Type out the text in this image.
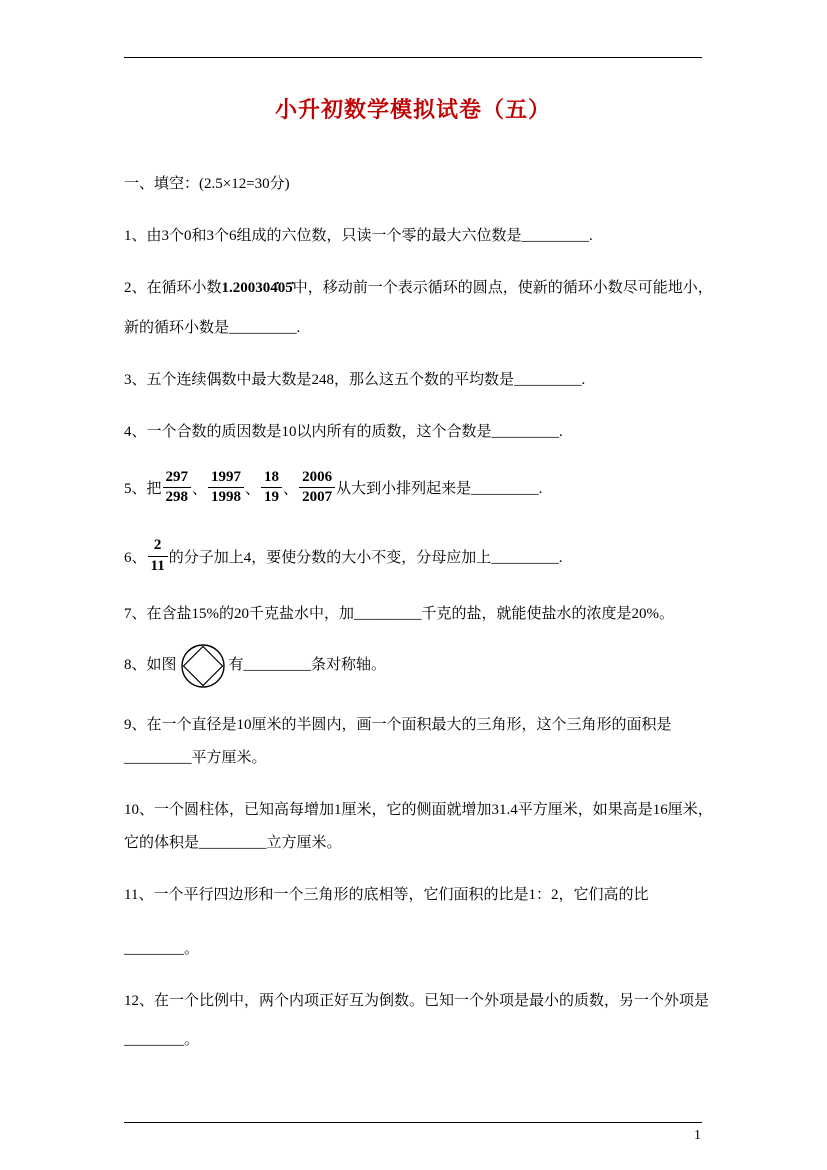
小升初数学模拟试卷（五）
一、填空：(2.5×12=30分)
1、由3个0和3个6组成的六位数，只读一个零的最大六位数是_________.
2、在循环小数1.200304̇05̇中，移动前一个表示循环的圆点，使新的循环小数尽可能地小，
新的循环小数是_________.
3、五个连续偶数中最大数是248，那么这五个数的平均数是_________.
4、一个合数的质因数是10以内所有的质数，这个合数是_________.
5、把 $\frac{297}{298}$ 、 $\frac{1997}{1998}$ 、 $\frac{18}{19}$ 、 $\frac{2006}{2007}$ 从大到小排列起来是_________.
6、 $\frac{2}{11}$ 的分子加上4，要使分数的大小不变，分母应加上_________.
7、在含盐15%的20千克盐水中，加_________千克的盐，就能使盐水的浓度是20%。
8、如图	有_________条对称轴。
9、在一个直径是10厘米的半圆内，画一个面积最大的三角形，这个三角形的面积是
_________平方厘米。
10、一个圆柱体，已知高每增加1厘米，它的侧面就增加31.4平方厘米，如果高是16厘米，
它的体积是_________立方厘米。
11、一个平行四边形和一个三角形的底相等，它们面积的比是1：2，它们高的比
________。
12、在一个比例中，两个内项正好互为倒数。已知一个外项是最小的质数，另一个外项是
________。
1
